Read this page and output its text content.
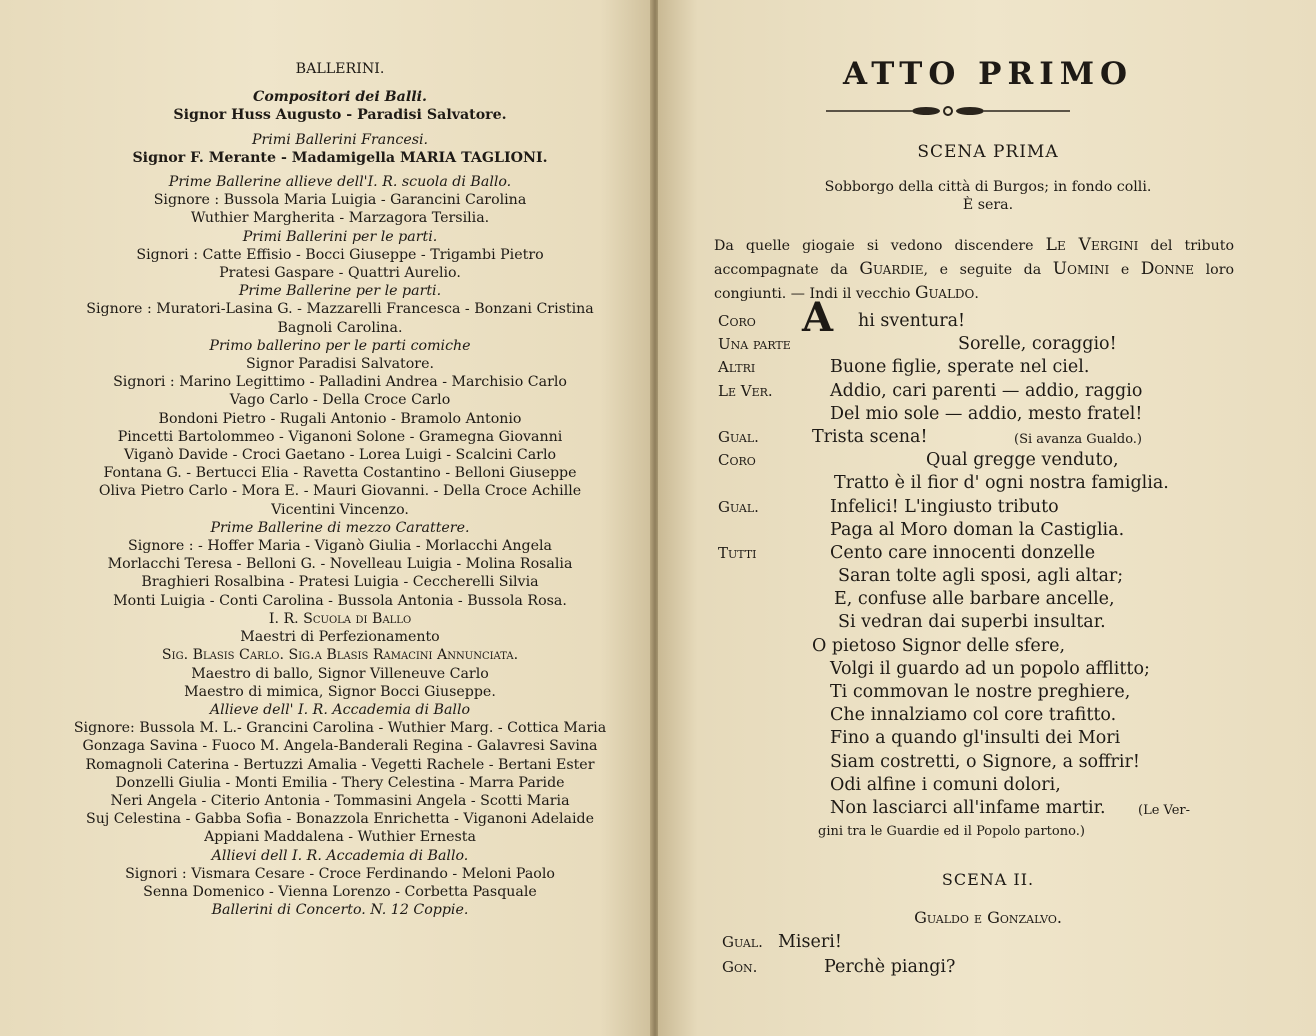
BALLERINI.
Compositori dei Balli.
Signor Huss Augusto - Paradisi Salvatore.
Primi Ballerini Francesi.
Signor F. Merante - Madamigella MARIA TAGLIONI.
Prime Ballerine allieve dell'I. R. scuola di Ballo.
Signore : Bussola Maria Luigia - Garancini Carolina
Wuthier Margherita - Marzagora Tersilia.
Primi Ballerini per le parti.
Signori : Catte Effisio - Bocci Giuseppe - Trigambi Pietro
Pratesi Gaspare - Quattri Aurelio.
Prime Ballerine per le parti.
Signore : Muratori-Lasina G. - Mazzarelli Francesca - Bonzani Cristina
Bagnoli Carolina.
Primo ballerino per le parti comiche
Signor Paradisi Salvatore.
Signori : Marino Legittimo - Palladini Andrea - Marchisio Carlo
Vago Carlo - Della Croce Carlo
Bondoni Pietro - Rugali Antonio - Bramolo Antonio
Pincetti Bartolommeo - Viganoni Solone - Gramegna Giovanni
Viganò Davide - Croci Gaetano - Lorea Luigi - Scalcini Carlo
Fontana G. - Bertucci Elia - Ravetta Costantino - Belloni Giuseppe
Oliva Pietro Carlo - Mora E. - Mauri Giovanni. - Della Croce Achille
Vicentini Vincenzo.
Prime Ballerine di mezzo Carattere.
Signore : - Hoffer Maria - Viganò Giulia - Morlacchi Angela
Morlacchi Teresa - Belloni G. - Novelleau Luigia - Molina Rosalia
Braghieri Rosalbina - Pratesi Luigia - Ceccherelli Silvia
Monti Luigia - Conti Carolina - Bussola Antonia - Bussola Rosa.
I. R. Scuola di Ballo
Maestri di Perfezionamento
Sig. Blasis Carlo. Sig.a Blasis Ramacini Annunciata.
Maestro di ballo, Signor Villeneuve Carlo
Maestro di mimica, Signor Bocci Giuseppe.
Allieve dell' I. R. Accademia di Ballo
Signore: Bussola M. L.- Grancini Carolina - Wuthier Marg. - Cottica Maria
Gonzaga Savina - Fuoco M. Angela-Banderali Regina - Galavresi Savina
Romagnoli Caterina - Bertuzzi Amalia - Vegetti Rachele - Bertani Ester
Donzelli Giulia - Monti Emilia - Thery Celestina - Marra Paride
Neri Angela - Citerio Antonia - Tommasini Angela - Scotti Maria
Suj Celestina - Gabba Sofia - Bonazzola Enrichetta - Viganoni Adelaide
Appiani Maddalena - Wuthier Ernesta
Allievi dell I. R. Accademia di Ballo.
Signori : Vismara Cesare - Croce Ferdinando - Meloni Paolo
Senna Domenico - Vienna Lorenzo - Corbetta Pasquale
Ballerini di Concerto. N. 12 Coppie.
ATTO PRIMO
SCENA PRIMA
Sobborgo della città di Burgos; in fondo colli.
È sera.
Da quelle giogaie si vedono discendere Le Vergini del tributo accompagnate da Guardie, e seguite da Uomini e Donne loro congiunti. — Indi il vecchio Gualdo.
A
Coro	hi sventura!
Una parte	Sorelle, coraggio!
Altri	Buone figlie, sperate nel ciel.
Le Ver.	Addio, cari parenti — addio, raggio
Del mio sole — addio, mesto fratel!
Gual.	Trista scena!	(Si avanza Gualdo.)
Coro	Qual gregge venduto,
Tratto è il fior d' ogni nostra famiglia.
Gual.	Infelici! L'ingiusto tributo
Paga al Moro doman la Castiglia.
Tutti	Cento care innocenti donzelle
Saran tolte agli sposi, agli altar;
E, confuse alle barbare ancelle,
Si vedran dai superbi insultar.
O pietoso Signor delle sfere,
Volgi il guardo ad un popolo afflitto;
Ti commovan le nostre preghiere,
Che innalziamo col core trafitto.
Fino a quando gl'insulti dei Mori
Siam costretti, o Signore, a soffrir!
Odi alfine i comuni dolori,
Non lasciarci all'infame martir. (Le Ver-
gini tra le Guardie ed il Popolo partono.)
SCENA II.
Gualdo e Gonzalvo.
Gual. Miseri!
Gon.	Perchè piangi?
